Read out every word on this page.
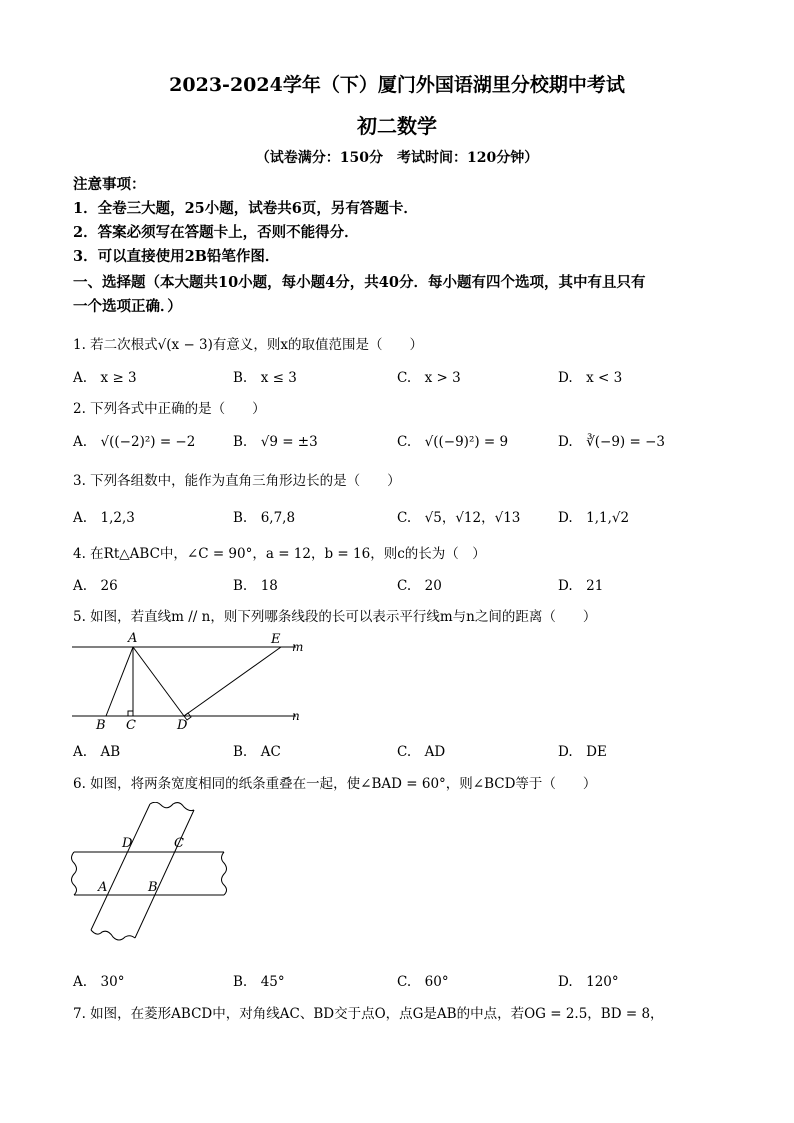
2023-2024学年（下）厦门外国语湖里分校期中考试
初二数学
（试卷满分：150分　考试时间：120分钟）
注意事项：
1．全卷三大题，25小题，试卷共6页，另有答题卡．
2．答案必须写在答题卡上，否则不能得分．
3．可以直接使用2B铅笔作图．
一、选择题（本大题共10小题，每小题4分，共40分．每小题有四个选项，其中有且只有
一个选项正确．）
1. 若二次根式√(x − 3)有意义，则x的取值范围是（　　）
A.　x ≥ 3	B.　x ≤ 3	C.　x > 3	D.　x < 3
2. 下列各式中正确的是（　　）
A.　√((−2)²) = −2	B.　√9 = ±3	C.　√((−9)²) = 9	D.　∛(−9) = −3
3. 下列各组数中，能作为直角三角形边长的是（　　）
A.　1,2,3	B.　6,7,8	C.　√5，√12，√13	D.　1,1,√2
4. 在Rt△ABC中，∠C = 90°，a = 12，b = 16，则c的长为（　）
A.　26	B.　18	C.　20	D.　21
5. 如图，若直线m // n，则下列哪条线段的长可以表示平行线m与n之间的距离（　　）
A	E m
B C	D
n
A.　AB	B.　AC	C.　AD	D.　DE
6. 如图，将两条宽度相同的纸条重叠在一起，使∠BAD = 60°，则∠BCD等于（　　）
D	C
A	B
A.　30°	B.　45°	C.　60°	D.　120°
7. 如图，在菱形ABCD中，对角线AC、BD交于点O，点G是AB的中点，若OG = 2.5，BD = 8，
